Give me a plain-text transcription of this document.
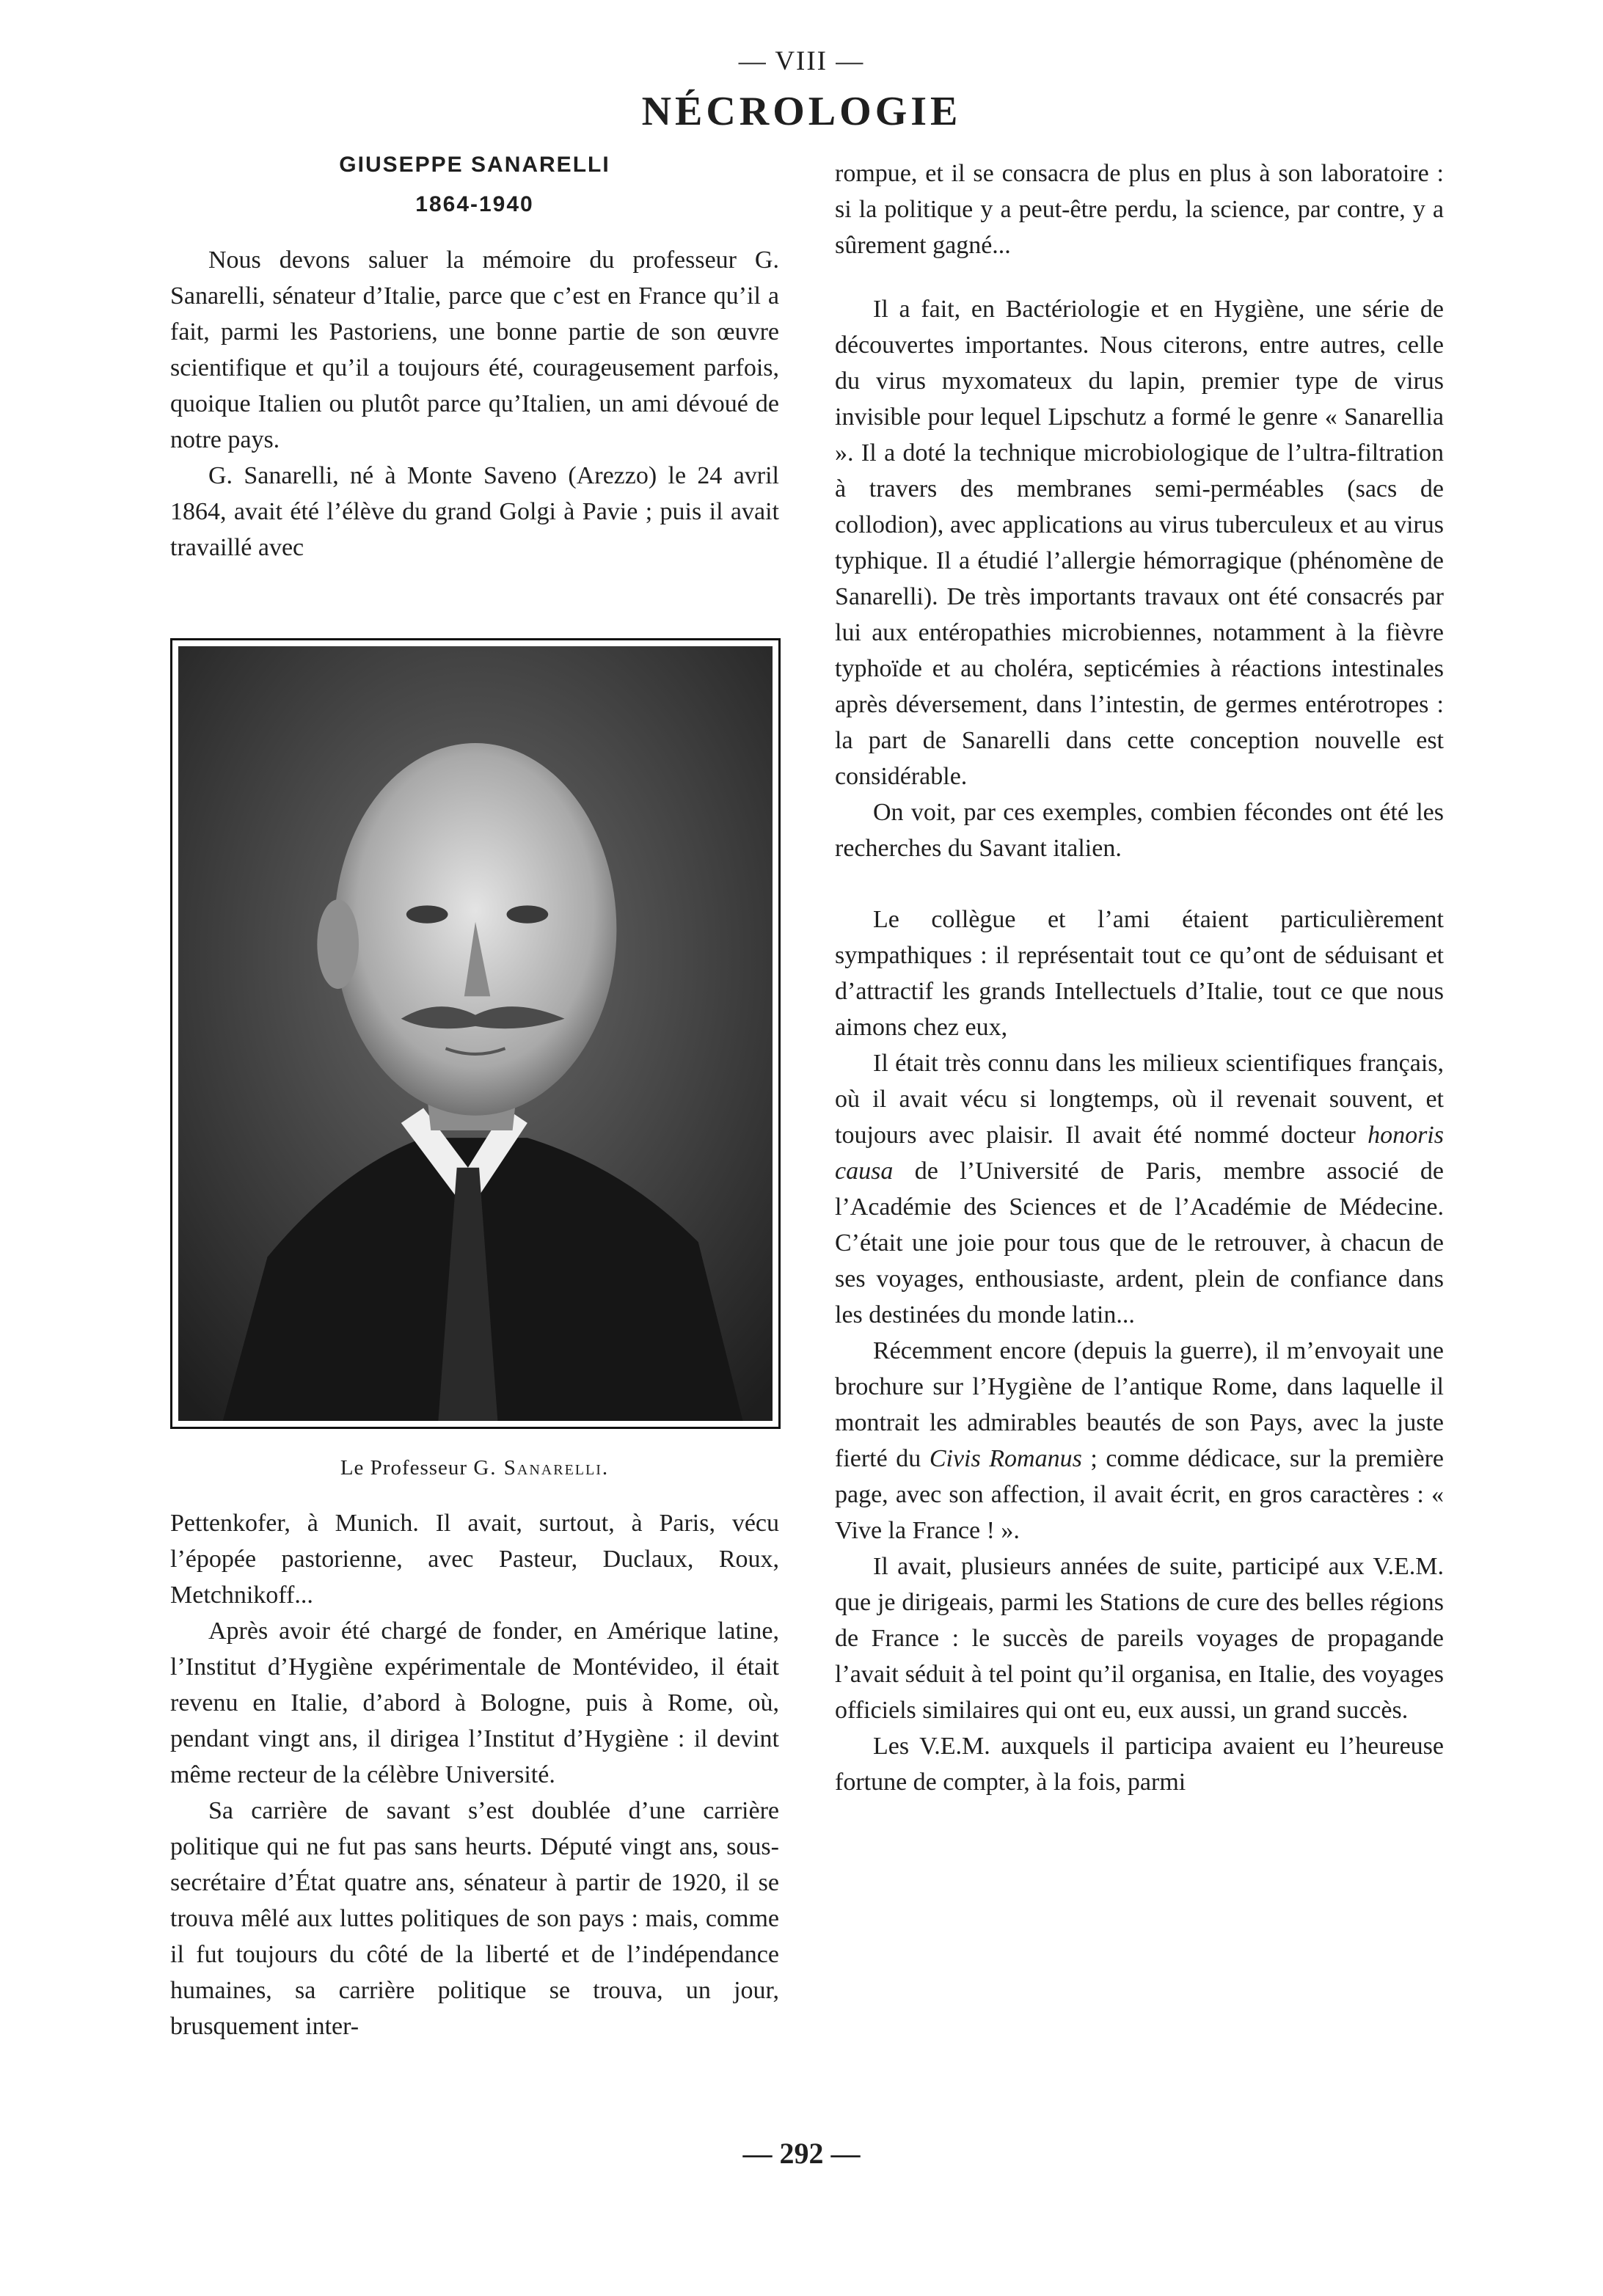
— VIII —
NÉCROLOGIE
GIUSEPPE SANARELLI
1864-1940

Nous devons saluer la mémoire du professeur G. Sanarelli, sénateur d’Italie, parce que c’est en France qu’il a fait, parmi les Pastoriens, une bonne partie de son œuvre scientifique et qu’il a toujours été, courageusement parfois, quoique Italien ou plutôt parce qu’Italien, un ami dévoué de notre pays.

G. Sanarelli, né à Monte Saveno (Arezzo) le 24 avril 1864, avait été l’élève du grand Golgi à Pavie ; puis il avait travaillé avec

Le Professeur G. Sanarelli.

Pettenkofer, à Munich. Il avait, surtout, à Paris, vécu l’épopée pastorienne, avec Pasteur, Duclaux, Roux, Metchnikoff...

Après avoir été chargé de fonder, en Amérique latine, l’Institut d’Hygiène expérimentale de Montévideo, il était revenu en Italie, d’abord à Bologne, puis à Rome, où, pendant vingt ans, il dirigea l’Institut d’Hygiène : il devint même recteur de la célèbre Université.

Sa carrière de savant s’est doublée d’une carrière politique qui ne fut pas sans heurts. Député vingt ans, sous-secrétaire d’État quatre ans, sénateur à partir de 1920, il se trouva mêlé aux luttes politiques de son pays : mais, comme il fut toujours du côté de la liberté et de l’indépendance humaines, sa carrière politique se trouva, un jour, brusquement inter-

rompue, et il se consacra de plus en plus à son laboratoire : si la politique y a peut-être perdu, la science, par contre, y a sûrement gagné...

Il a fait, en Bactériologie et en Hygiène, une série de découvertes importantes. Nous citerons, entre autres, celle du virus myxomateux du lapin, premier type de virus invisible pour lequel Lipschutz a formé le genre « Sanarellia ». Il a doté la technique microbiologique de l’ultra-filtration à travers des membranes semi-perméables (sacs de collodion), avec applications au virus tuberculeux et au virus typhique. Il a étudié l’allergie hémorragique (phénomène de Sanarelli). De très importants travaux ont été consacrés par lui aux entéropathies microbiennes, notamment à la fièvre typhoïde et au choléra, septicémies à réactions intestinales après déversement, dans l’intestin, de germes entérotropes : la part de Sanarelli dans cette conception nouvelle est considérable.

On voit, par ces exemples, combien fécondes ont été les recherches du Savant italien.

Le collègue et l’ami étaient particulièrement sympathiques : il représentait tout ce qu’ont de séduisant et d’attractif les grands Intellectuels d’Italie, tout ce que nous aimons chez eux,

Il était très connu dans les milieux scientifiques français, où il avait vécu si longtemps, où il revenait souvent, et toujours avec plaisir. Il avait été nommé docteur honoris causa de l’Université de Paris, membre associé de l’Académie des Sciences et de l’Académie de Médecine. C’était une joie pour tous que de le retrouver, à chacun de ses voyages, enthousiaste, ardent, plein de confiance dans les destinées du monde latin...

Récemment encore (depuis la guerre), il m’envoyait une brochure sur l’Hygiène de l’antique Rome, dans laquelle il montrait les admirables beautés de son Pays, avec la juste fierté du Civis Romanus ; comme dédicace, sur la première page, avec son affection, il avait écrit, en gros caractères : « Vive la France ! ».

Il avait, plusieurs années de suite, participé aux V.E.M. que je dirigeais, parmi les Stations de cure des belles régions de France : le succès de pareils voyages de propagande l’avait séduit à tel point qu’il organisa, en Italie, des voyages officiels similaires qui ont eu, eux aussi, un grand succès.

Les V.E.M. auxquels il participa avaient eu l’heureuse fortune de compter, à la fois, parmi

— 292 —
